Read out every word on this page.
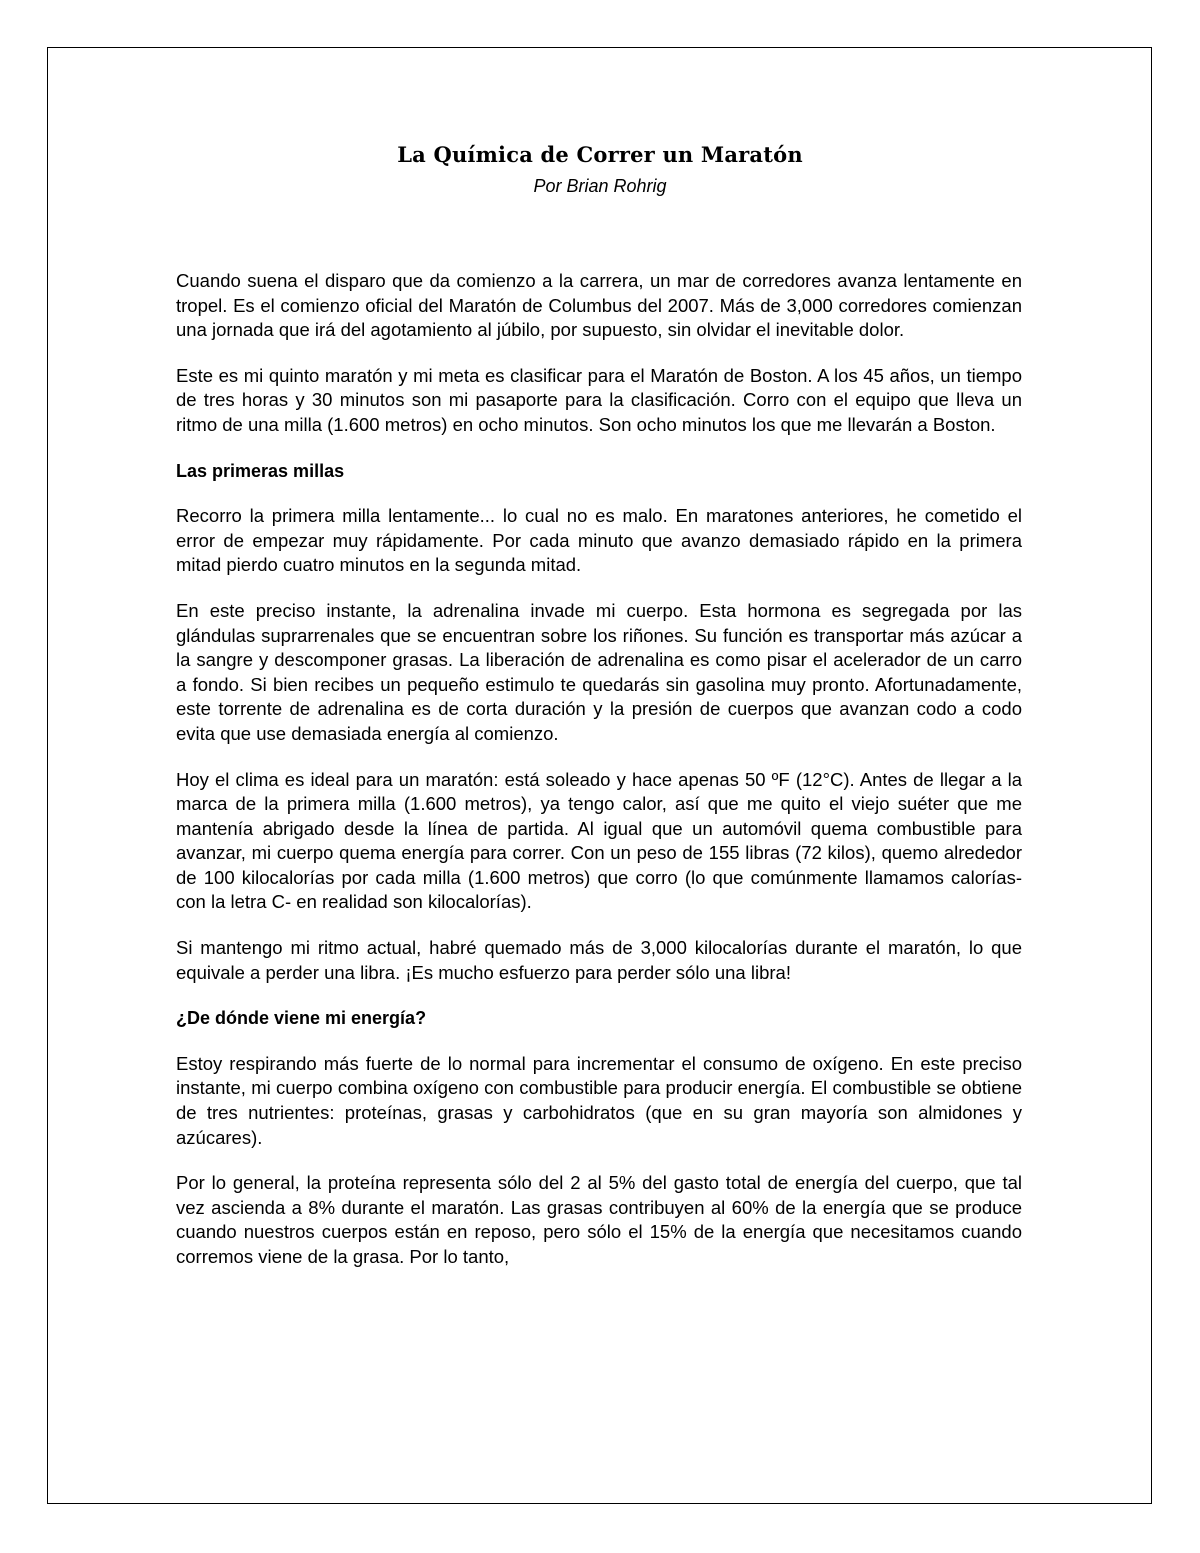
La Química de Correr un Maratón
Por Brian Rohrig

Cuando suena el disparo que da comienzo a la carrera, un mar de corredores avanza lentamente en tropel. Es el comienzo oficial del Maratón de Columbus del 2007. Más de 3,000 corredores comienzan una jornada que irá del agotamiento al júbilo, por supuesto, sin olvidar el inevitable dolor.

Este es mi quinto maratón y mi meta es clasificar para el Maratón de Boston. A los 45 años, un tiempo de tres horas y 30 minutos son mi pasaporte para la clasificación. Corro con el equipo que lleva un ritmo de una milla (1.600 metros) en ocho minutos. Son ocho minutos los que me llevarán a Boston.

Las primeras millas

Recorro la primera milla lentamente... lo cual no es malo. En maratones anteriores, he cometido el error de empezar muy rápidamente. Por cada minuto que avanzo demasiado rápido en la primera mitad pierdo cuatro minutos en la segunda mitad.

En este preciso instante, la adrenalina invade mi cuerpo. Esta hormona es segregada por las glándulas suprarrenales que se encuentran sobre los riñones. Su función es transportar más azúcar a la sangre y descomponer grasas. La liberación de adrenalina es como pisar el acelerador de un carro a fondo. Si bien recibes un pequeño estimulo te quedarás sin gasolina muy pronto. Afortunadamente, este torrente de adrenalina es de corta duración y la presión de cuerpos que avanzan codo a codo evita que use demasiada energía al comienzo.

Hoy el clima es ideal para un maratón: está soleado y hace apenas 50 ºF (12°C). Antes de llegar a la marca de la primera milla (1.600 metros), ya tengo calor, así que me quito el viejo suéter que me mantenía abrigado desde la línea de partida. Al igual que un automóvil quema combustible para avanzar, mi cuerpo quema energía para correr. Con un peso de 155 libras (72 kilos), quemo alrededor de 100 kilocalorías por cada milla (1.600 metros) que corro (lo que comúnmente llamamos calorías- con la letra C- en realidad son kilocalorías).

Si mantengo mi ritmo actual, habré quemado más de 3,000 kilocalorías durante el maratón, lo que equivale a perder una libra. ¡Es mucho esfuerzo para perder sólo una libra!

¿De dónde viene mi energía?

Estoy respirando más fuerte de lo normal para incrementar el consumo de oxígeno. En este preciso instante, mi cuerpo combina oxígeno con combustible para producir energía. El combustible se obtiene de tres nutrientes: proteínas, grasas y carbohidratos (que en su gran mayoría son almidones y azúcares).

Por lo general, la proteína representa sólo del 2 al 5% del gasto total de energía del cuerpo, que tal vez ascienda a 8% durante el maratón. Las grasas contribuyen al 60% de la energía que se produce cuando nuestros cuerpos están en reposo, pero sólo el 15% de la energía que necesitamos cuando corremos viene de la grasa. Por lo tanto,
